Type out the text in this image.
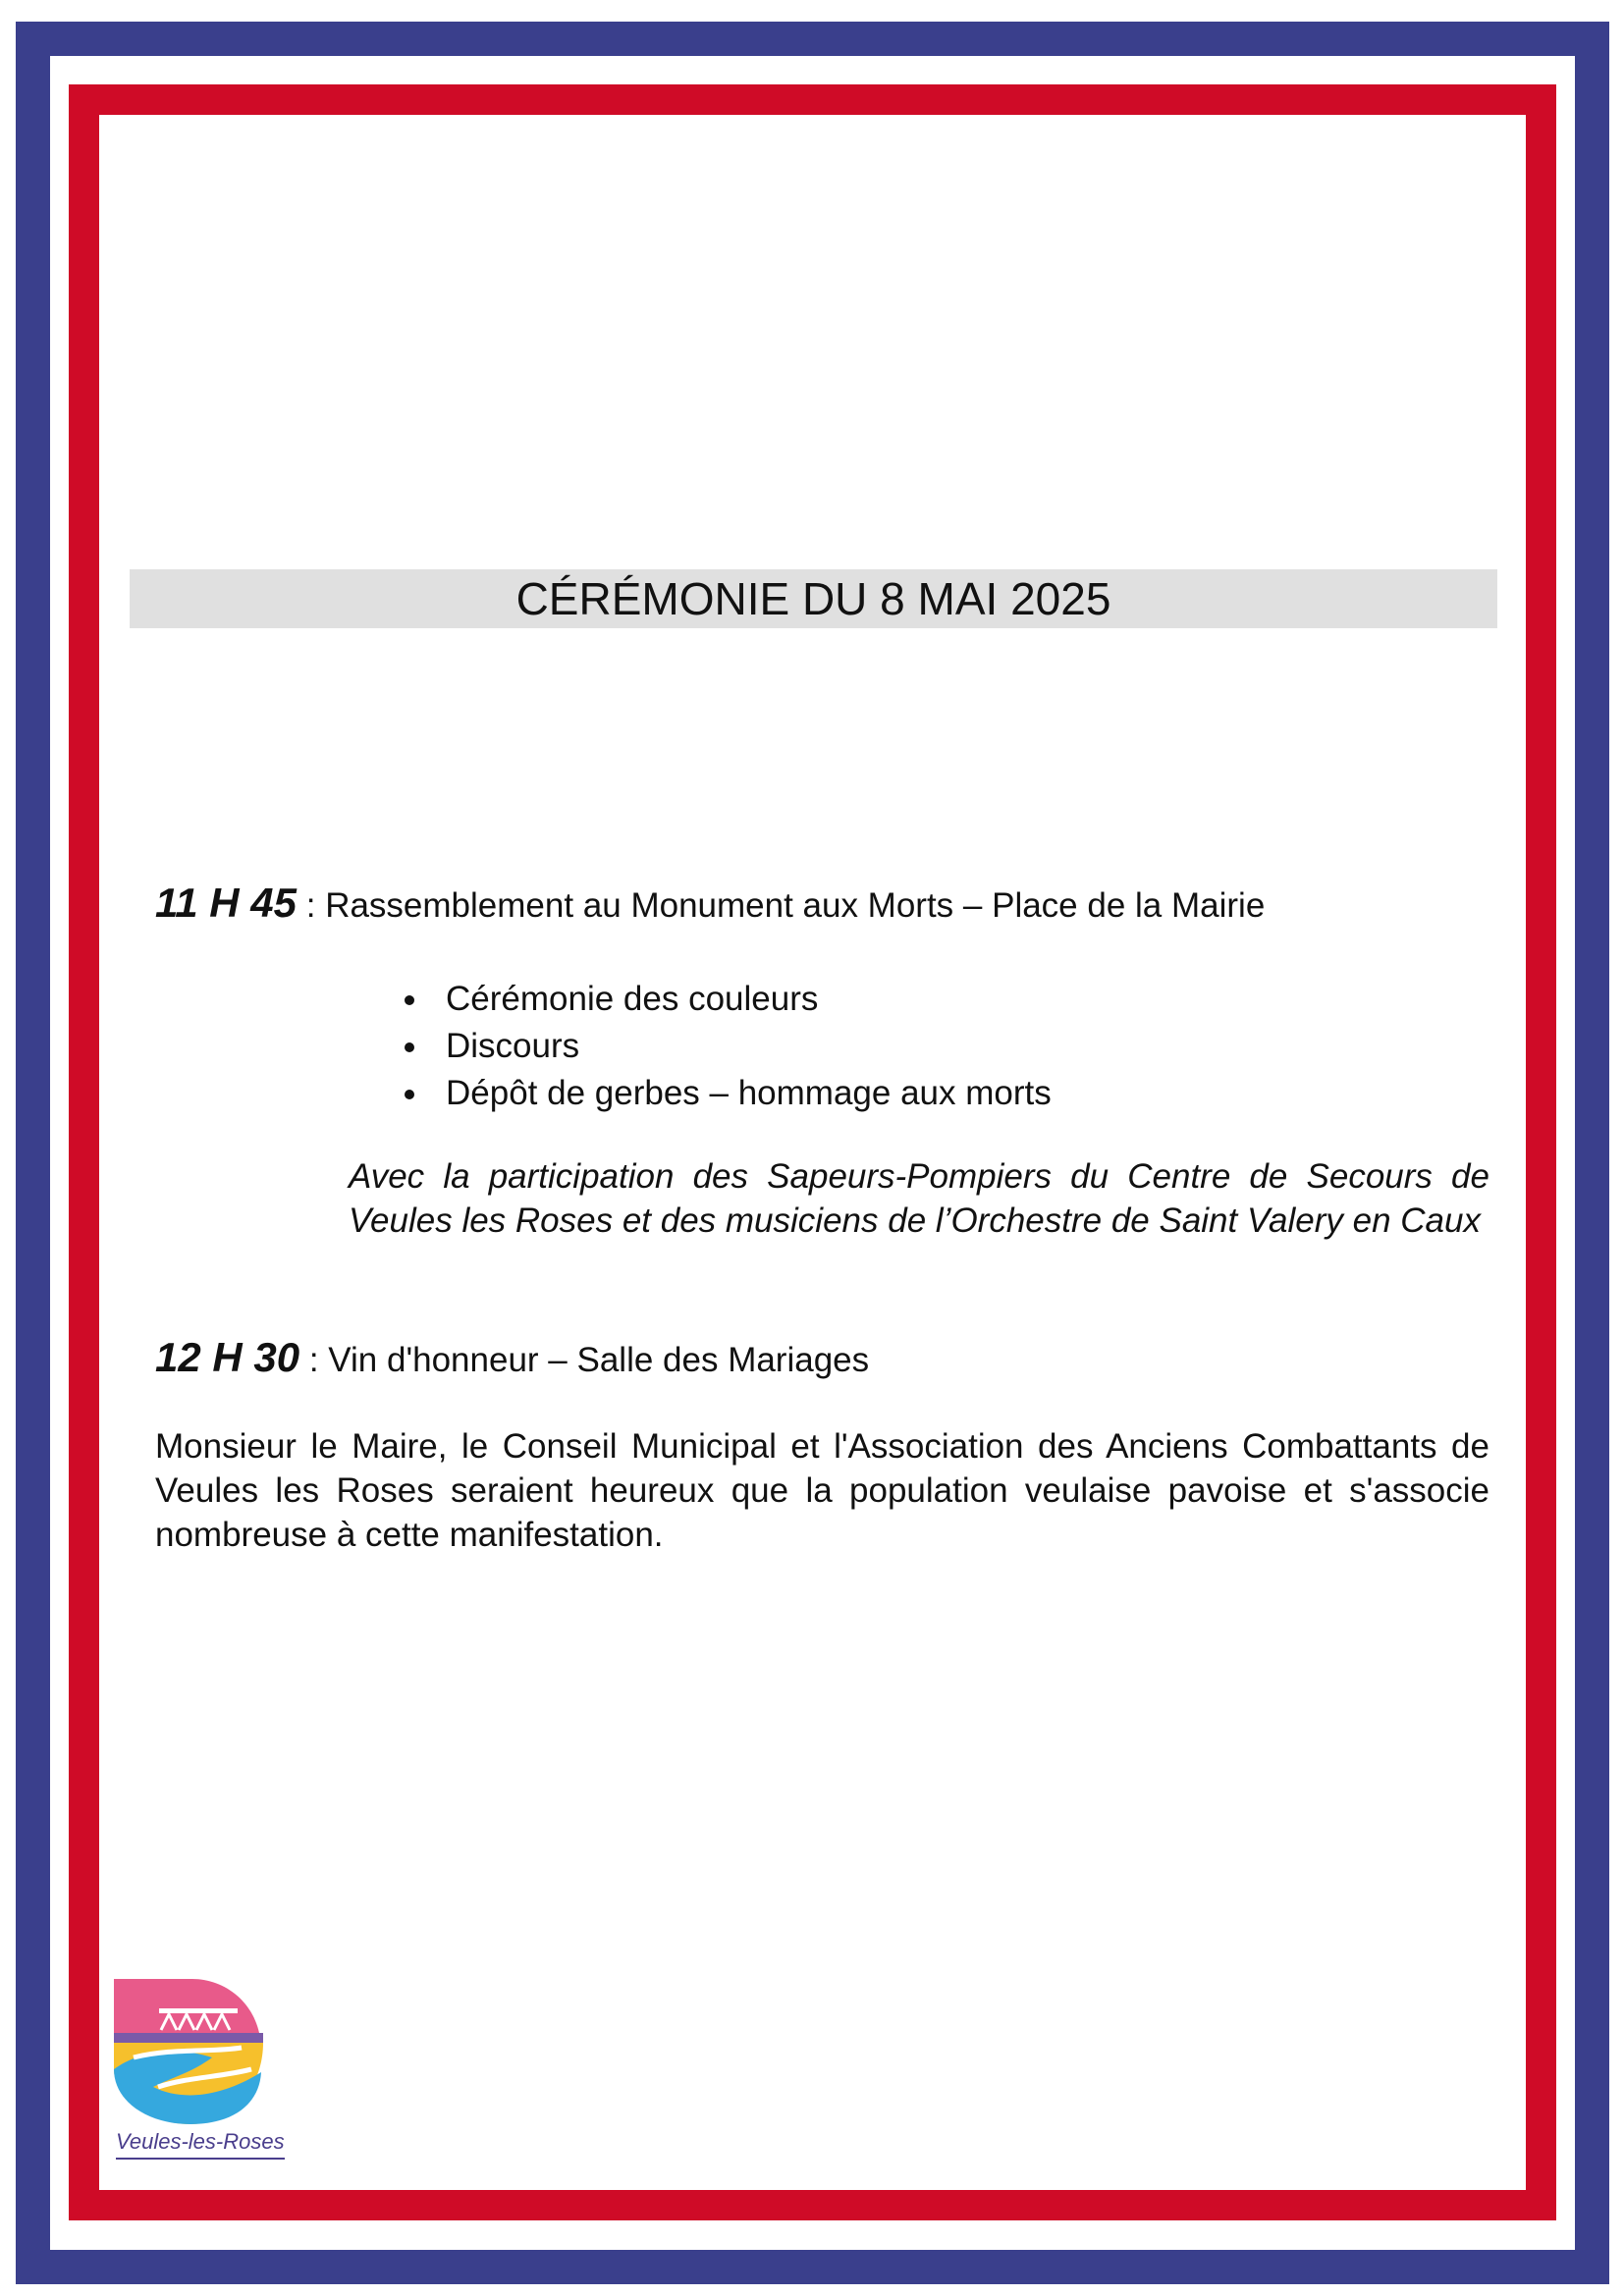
CÉRÉMONIE DU 8 MAI 2025
11 H 45 : Rassemblement au Monument aux Morts – Place de la Mairie
Cérémonie des couleurs
Discours
Dépôt de gerbes – hommage aux morts
Avec la participation des Sapeurs-Pompiers du Centre de Secours de Veules les Roses et des musiciens de l’Orchestre de Saint Valery en Caux
12 H 30 : Vin d'honneur – Salle des Mariages
Monsieur le Maire, le Conseil Municipal et l'Association des Anciens Combattants de Veules les Roses seraient heureux que la population veulaise pavoise et s'associe nombreuse à cette manifestation.
Veules-les-Roses
